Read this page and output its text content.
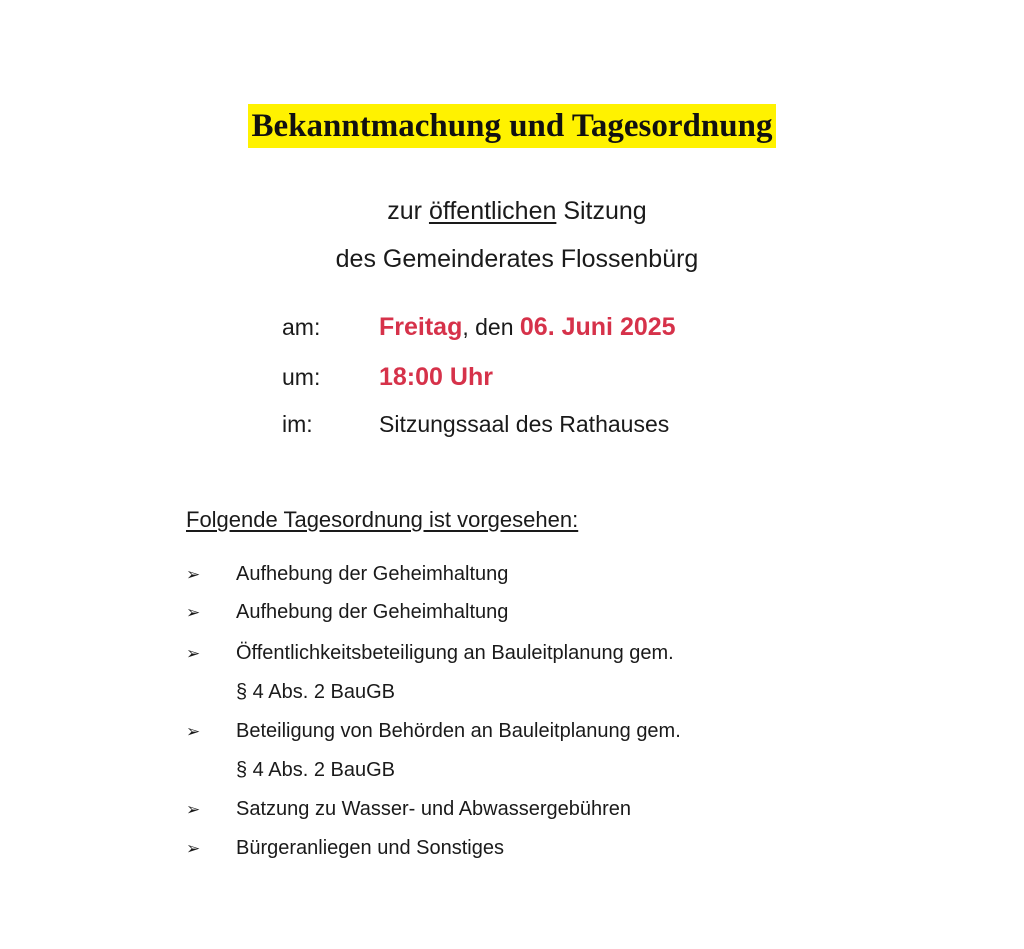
Bekanntmachung und Tagesordnung
zur öffentlichen Sitzung
des Gemeinderates Flossenbürg
am: Freitag, den 06. Juni 2025
um: 18:00 Uhr
im:	Sitzungssaal des Rathauses
Folgende Tagesordnung ist vorgesehen:
➢ Aufhebung der Geheimhaltung
➢ Aufhebung der Geheimhaltung
➢ Öffentlichkeitsbeteiligung an Bauleitplanung gem.
§ 4 Abs. 2 BauGB
➢ Beteiligung von Behörden an Bauleitplanung gem.
§ 4 Abs. 2 BauGB
➢ Satzung zu Wasser- und Abwassergebühren
➢ Bürgeranliegen und Sonstiges
